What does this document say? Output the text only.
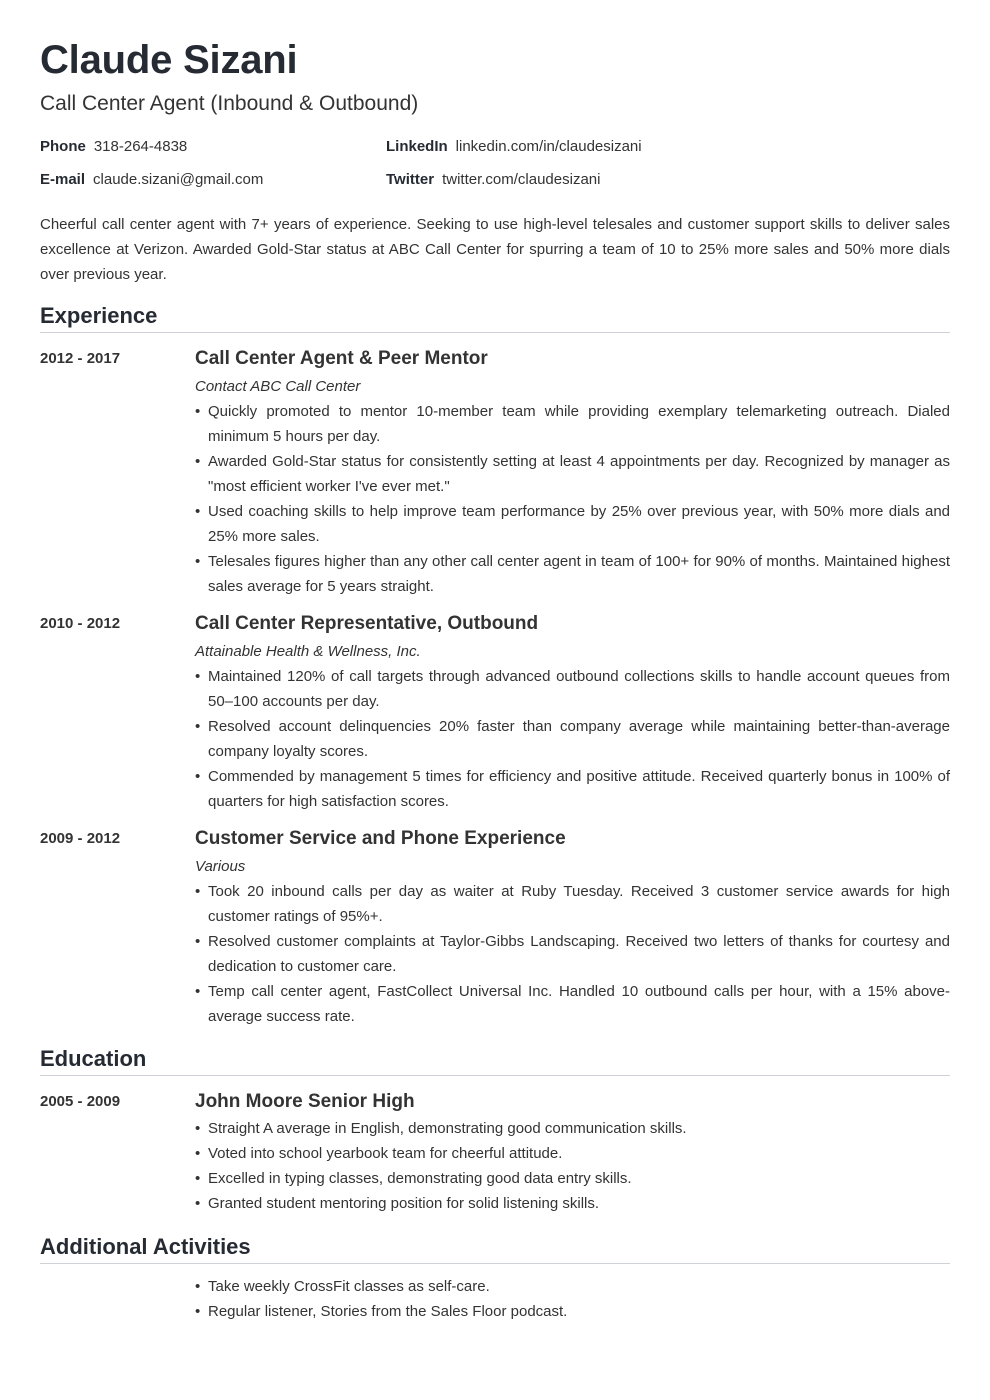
Claude Sizani
Call Center Agent (Inbound & Outbound)
Phone 318-264-4838	LinkedIn linkedin.com/in/claudesizani
E-mail claude.sizani@gmail.com	Twitter twitter.com/claudesizani
Cheerful call center agent with 7+ years of experience. Seeking to use high-level telesales and customer support skills to deliver sales excellence at Verizon. Awarded Gold-Star status at ABC Call Center for spurring a team of 10 to 25% more sales and 50% more dials over previous year.
Experience
2012 - 2017	Call Center Agent & Peer Mentor
Contact ABC Call Center
• Quickly promoted to mentor 10-member team while providing exemplary telemarketing outreach. Dialed minimum 5 hours per day.
• Awarded Gold-Star status for consistently setting at least 4 appointments per day. Recognized by manager as "most efficient worker I've ever met."
• Used coaching skills to help improve team performance by 25% over previous year, with 50% more dials and 25% more sales.
• Telesales figures higher than any other call center agent in team of 100+ for 90% of months. Maintained highest sales average for 5 years straight.
2010 - 2012	Call Center Representative, Outbound
Attainable Health & Wellness, Inc.
• Maintained 120% of call targets through advanced outbound collections skills to handle account queues from 50–100 accounts per day.
• Resolved account delinquencies 20% faster than company average while maintaining better-than-average company loyalty scores.
• Commended by management 5 times for efficiency and positive attitude. Received quarterly bonus in 100% of quarters for high satisfaction scores.
2009 - 2012	Customer Service and Phone Experience
Various
• Took 20 inbound calls per day as waiter at Ruby Tuesday. Received 3 customer service awards for high customer ratings of 95%+.
• Resolved customer complaints at Taylor-Gibbs Landscaping. Received two letters of thanks for courtesy and dedication to customer care.
• Temp call center agent, FastCollect Universal Inc. Handled 10 outbound calls per hour, with a 15% above-average success rate.
Education
2005 - 2009	John Moore Senior High
• Straight A average in English, demonstrating good communication skills.
• Voted into school yearbook team for cheerful attitude.
• Excelled in typing classes, demonstrating good data entry skills.
• Granted student mentoring position for solid listening skills.
Additional Activities
• Take weekly CrossFit classes as self-care.
• Regular listener, Stories from the Sales Floor podcast.
